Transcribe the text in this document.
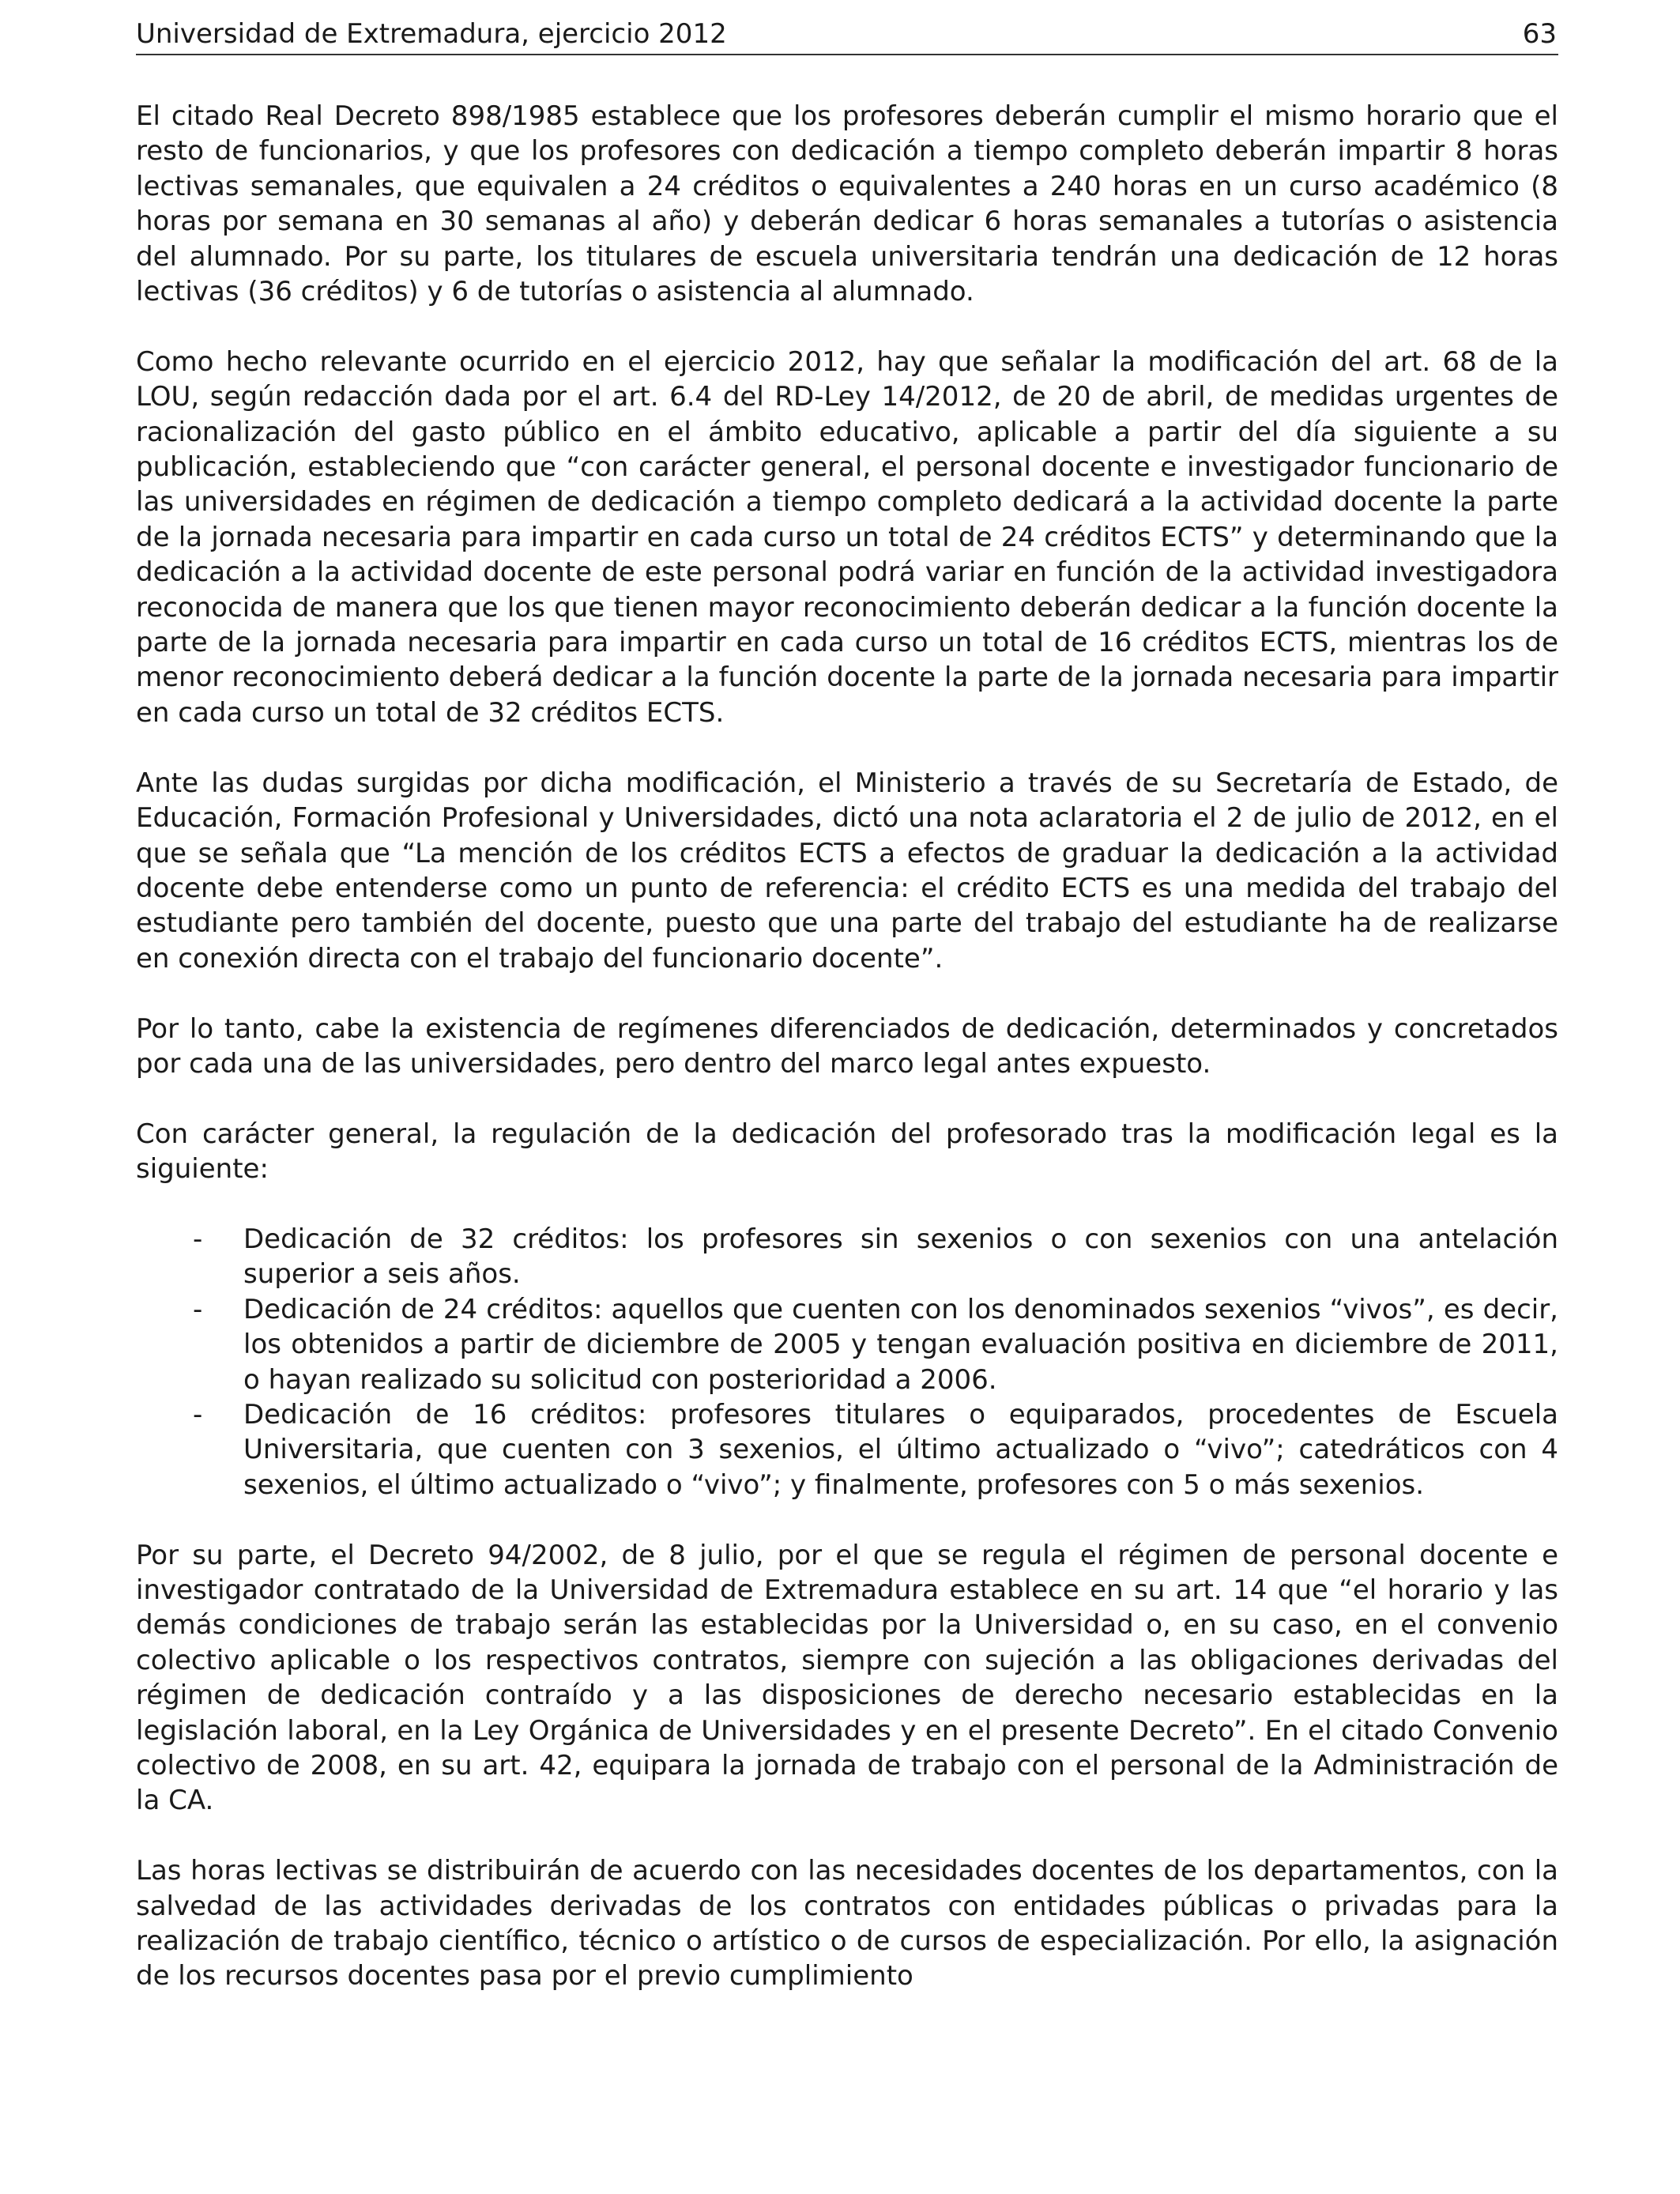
Universidad de Extremadura, ejercicio 2012	63

El citado Real Decreto 898/1985 establece que los profesores deberán cumplir el mismo horario que el resto de funcionarios, y que los profesores con dedicación a tiempo completo deberán impartir 8 horas lectivas semanales, que equivalen a 24 créditos o equivalentes a 240 horas en un curso académico (8 horas por semana en 30 semanas al año) y deberán dedicar 6 horas semanales a tutorías o asistencia del alumnado. Por su parte, los titulares de escuela universitaria tendrán una dedicación de 12 horas lectivas (36 créditos) y 6 de tutorías o asistencia al alumnado.

Como hecho relevante ocurrido en el ejercicio 2012, hay que señalar la modificación del art. 68 de la LOU, según redacción dada por el art. 6.4 del RD-Ley 14/2012, de 20 de abril, de medidas urgentes de racionalización del gasto público en el ámbito educativo, aplicable a partir del día siguiente a su publicación, estableciendo que “con carácter general, el personal docente e investigador funcionario de las universidades en régimen de dedicación a tiempo completo dedicará a la actividad docente la parte de la jornada necesaria para impartir en cada curso un total de 24 créditos ECTS” y determinando que la dedicación a la actividad docente de este personal podrá variar en función de la actividad investigadora reconocida de manera que los que tienen mayor reconocimiento deberán dedicar a la función docente la parte de la jornada necesaria para impartir en cada curso un total de 16 créditos ECTS, mientras los de menor reconocimiento deberá dedicar a la función docente la parte de la jornada necesaria para impartir en cada curso un total de 32 créditos ECTS.

Ante las dudas surgidas por dicha modificación, el Ministerio a través de su Secretaría de Estado, de Educación, Formación Profesional y Universidades, dictó una nota aclaratoria el 2 de julio de 2012, en el que se señala que “La mención de los créditos ECTS a efectos de graduar la dedicación a la actividad docente debe entenderse como un punto de referencia: el crédito ECTS es una medida del trabajo del estudiante pero también del docente, puesto que una parte del trabajo del estudiante ha de realizarse en conexión directa con el trabajo del funcionario docente”.

Por lo tanto, cabe la existencia de regímenes diferenciados de dedicación, determinados y concretados por cada una de las universidades, pero dentro del marco legal antes expuesto.

Con carácter general, la regulación de la dedicación del profesorado tras la modificación legal es la siguiente:

- Dedicación de 32 créditos: los profesores sin sexenios o con sexenios con una antelación superior a seis años.
- Dedicación de 24 créditos: aquellos que cuenten con los denominados sexenios “vivos”, es decir, los obtenidos a partir de diciembre de 2005 y tengan evaluación positiva en diciembre de 2011, o hayan realizado su solicitud con posterioridad a 2006.
- Dedicación de 16 créditos: profesores titulares o equiparados, procedentes de Escuela Universitaria, que cuenten con 3 sexenios, el último actualizado o “vivo”; catedráticos con 4 sexenios, el último actualizado o “vivo”; y finalmente, profesores con 5 o más sexenios.

Por su parte, el Decreto 94/2002, de 8 julio, por el que se regula el régimen de personal docente e investigador contratado de la Universidad de Extremadura establece en su art. 14 que “el horario y las demás condiciones de trabajo serán las establecidas por la Universidad o, en su caso, en el convenio colectivo aplicable o los respectivos contratos, siempre con sujeción a las obligaciones derivadas del régimen de dedicación contraído y a las disposiciones de derecho necesario establecidas en la legislación laboral, en la Ley Orgánica de Universidades y en el presente Decreto”. En el citado Convenio colectivo de 2008, en su art. 42, equipara la jornada de trabajo con el personal de la Administración de la CA.

Las horas lectivas se distribuirán de acuerdo con las necesidades docentes de los departamentos, con la salvedad de las actividades derivadas de los contratos con entidades públicas o privadas para la realización de trabajo científico, técnico o artístico o de cursos de especialización. Por ello, la asignación de los recursos docentes pasa por el previo cumplimiento
